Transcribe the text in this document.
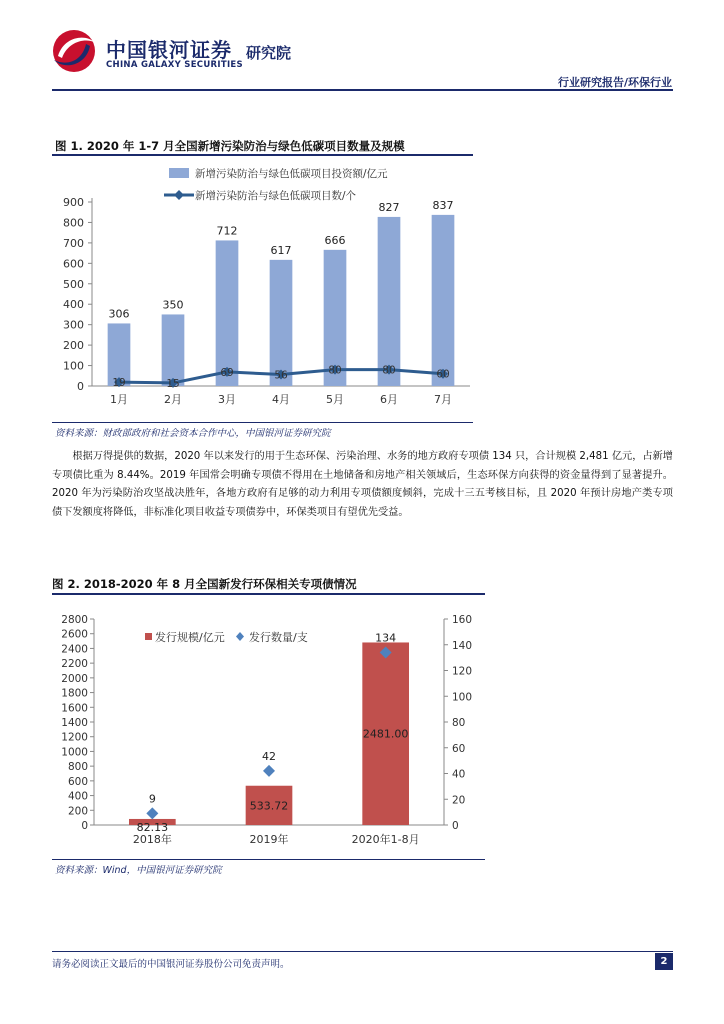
中国银河证券
CHINA GALAXY SECURITIES
研究院
行业研究报告/环保行业
图 1. 2020 年 1-7 月全国新增污染防治与绿色低碳项目数量及规模
新增污染防治与绿色低碳项目投资额/亿元
新增污染防治与绿色低碳项目数/个
0
100
200
300
400
500
600
700
800
900
1月	2月	3月	4月	5月	6月	7月
306
350
712
617
666
827	837
19	15
69	56	80	80	60
资料来源：财政部政府和社会资本合作中心，中国银河证券研究院
根据万得提供的数据，2020 年以来发行的用于生态环保、污染治理、水务的地方政府专项债 134 只，合计规模 2,481 亿元，占新增专项债比重为 8.44%。2019 年国常会明确专项债不得用在土地储备和房地产相关领域后，生态环保方向获得的资金量得到了显著提升。2020 年为污染防治攻坚战决胜年，各地方政府有足够的动力利用专项债额度倾斜，完成十三五考核目标，且 2020 年预计房地产类专项债下发额度将降低，非标准化项目收益专项债券中，环保类项目有望优先受益。
图 2. 2018-2020 年 8 月全国新发行环保相关专项债情况
发行规模/亿元 发行数量/支
0
200
400
600
800
1000
1200
1400
1600
1800
2000
2200
2400
2600
2800
0
20
40
60
80
100
120
140
160
2018年	2019年	2020年1-8月
82.13
533.72
2481.00
9
42
134
资料来源：Wind，中国银河证券研究院
请务必阅读正文最后的中国银河证券股份公司免责声明。	2
